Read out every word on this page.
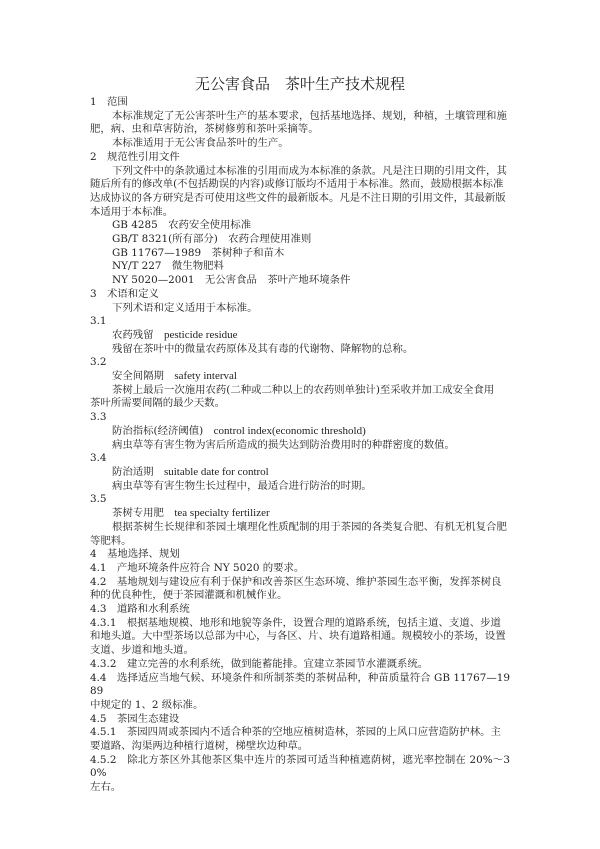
无公害食品　茶叶生产技术规程
1 范围
本标准规定了无公害茶叶生产的基本要求，包括基地选择、规划，种植，土壤管理和施
肥，病、虫和草害防治，茶树修剪和茶叶采摘等。
本标准适用于无公害食品茶叶的生产。
2 规范性引用文件
下列文件中的条款通过本标准的引用而成为本标准的条款。凡是注日期的引用文件，其
随后所有的修改单(不包括勘误的内容)或修订版均不适用于本标准。然而，鼓励根据本标准
达成协议的各方研究是否可使用这些文件的最新版本。凡是不注日期的引用文件，其最新版
本适用于本标准。
GB 4285　农药安全使用标准
GB/T 8321(所有部分)　农药合理使用准则
GB 11767—1989　茶树种子和苗木
NY/T 227　微生物肥料
NY 5020—2001　无公害食品　茶叶产地环境条件
3 术语和定义
下列术语和定义适用于本标准。
3.1
农药残留　 pesticide residue
残留在茶叶中的微量农药原体及其有毒的代谢物、降解物的总称。
3.2
安全间隔期　 safety interval
茶树上最后一次施用农药(二种或二种以上的农药则单独计)至采收并加工成安全食用
茶叶所需要间隔的最少天数。
3.3
防治指标(经济阈值)　 control index(economic threshold)
病虫草等有害生物为害后所造成的损失达到防治费用时的种群密度的数值。
3.4
防治适期　 suitable date for control
病虫草等有害生物生长过程中，最适合进行防治的时期。
3.5
茶树专用肥　 tea specialty fertilizer
根据茶树生长规律和茶园土壤理化性质配制的用于茶园的各类复合肥、有机无机复合肥
等肥料。
4 基地选择、规划
4.1　产地环境条件应符合 NY 5020 的要求。
4.2　基地规划与建设应有利于保护和改善茶区生态环境、维护茶园生态平衡，发挥茶树良
种的优良种性，便于茶园灌溉和机械作业。
4.3　道路和水利系统
4.3.1　根据基地规模、地形和地貌等条件，设置合理的道路系统，包括主道、支道、步道
和地头道。大中型茶场以总部为中心，与各区、片、块有道路相通。规模较小的茶场，设置
支道、步道和地头道。
4.3.2　建立完善的水利系统，做到能蓄能排。宜建立茶园节水灌溉系统。
4.4　选择适应当地气候、环境条件和所制茶类的茶树品种，种苗质量符合 GB 11767—1989
中规定的 1、2 级标准。
4.5　茶园生态建设
4.5.1　茶园四周或茶园内不适合种茶的空地应植树造林，茶园的上风口应营造防护林。主
要道路、沟渠两边种植行道树，梯壁坎边种草。
4.5.2　除北方茶区外其他茶区集中连片的茶园可适当种植遮荫树，遮光率控制在 20%～30%
左右。
